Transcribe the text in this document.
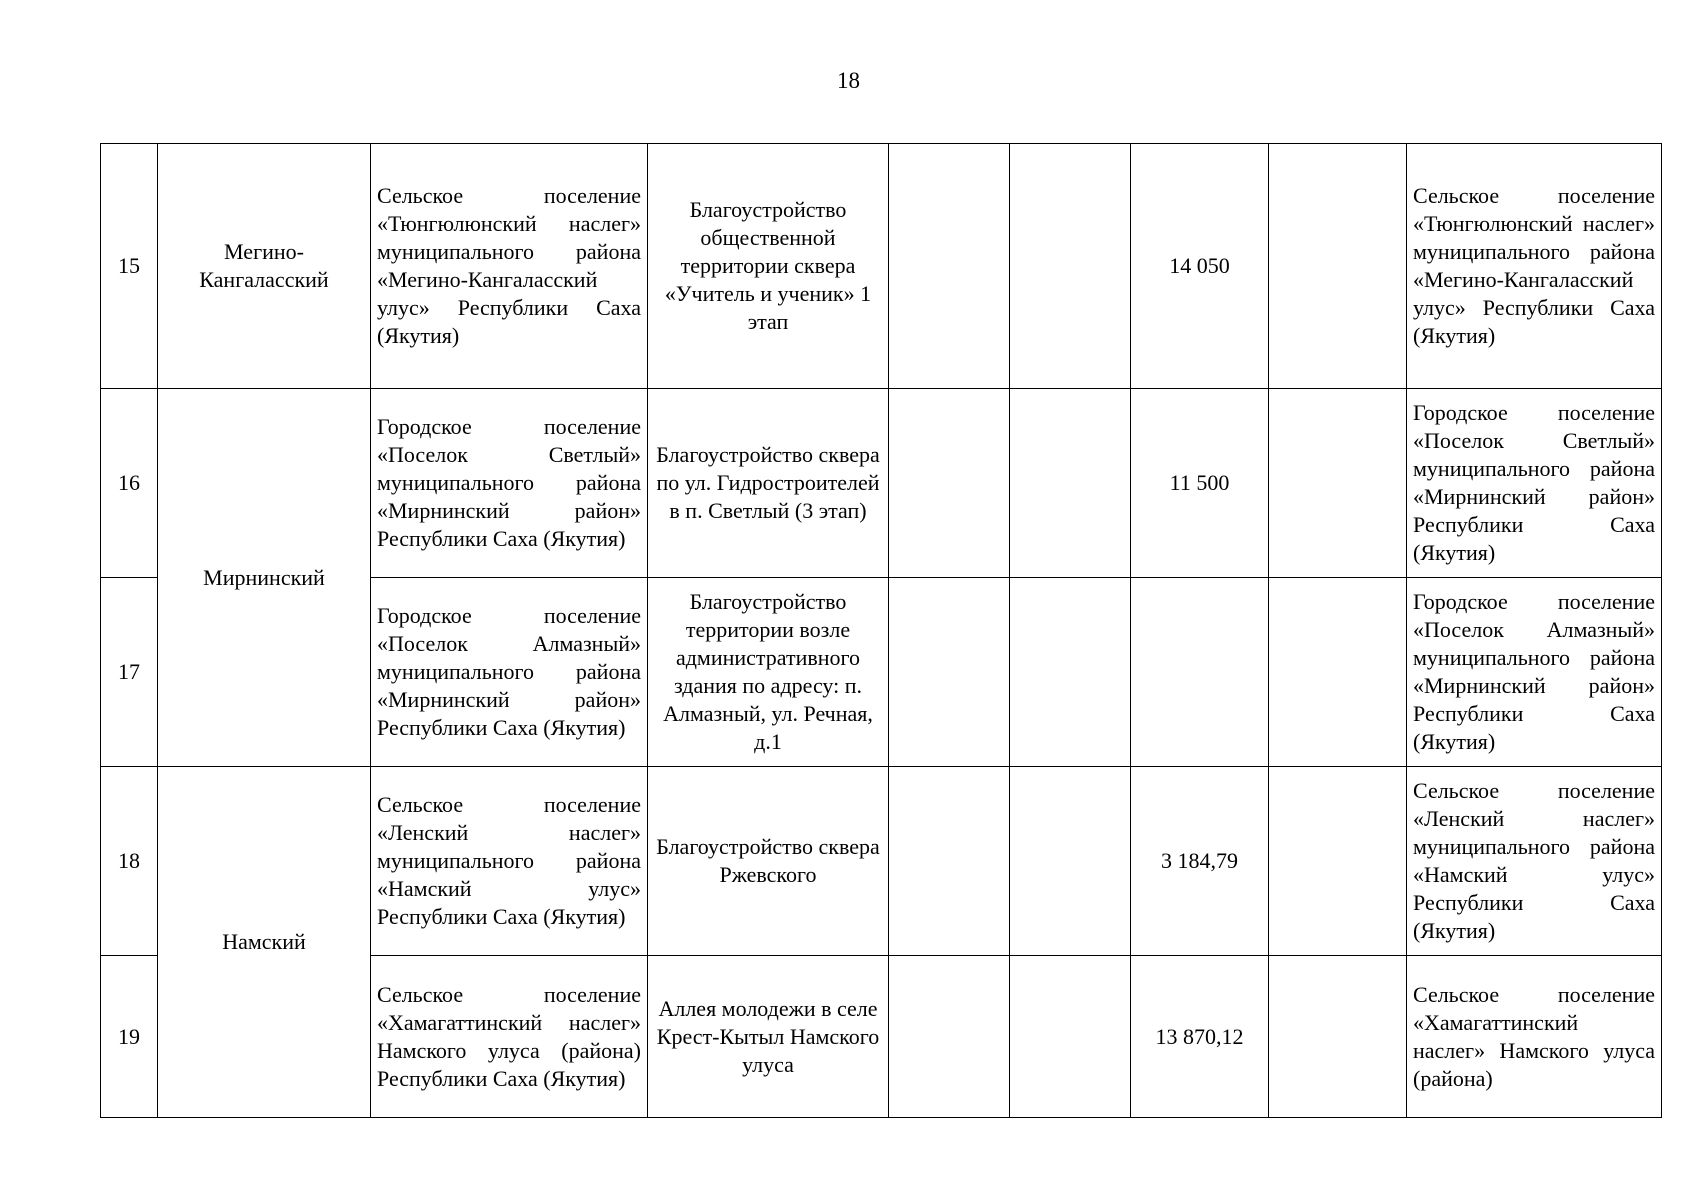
18
15	Мегино-Кангаласский	Сельское поселение «Тюнгюлюнский наслег» муниципального района «Мегино-Кангаласский улус» Республики Саха (Якутия)	Благоустройство общественной территории сквера «Учитель и ученик» 1 этап			14 050		Сельское поселение «Тюнгюлюнский наслег» муниципального района «Мегино-Кангаласский улус» Республики Саха (Якутия)
16	Мирнинский	Городское поселение «Поселок Светлый» муниципального района «Мирнинский район» Республики Саха (Якутия)	Благоустройство сквера по ул. Гидростроителей в п. Светлый (3 этап)			11 500		Городское поселение «Поселок Светлый» муниципального района «Мирнинский район» Республики Саха (Якутия)
17		Городское поселение «Поселок Алмазный» муниципального района «Мирнинский район» Республики Саха (Якутия)	Благоустройство территории возле административного здания по адресу: п. Алмазный, ул. Речная, д.1					Городское поселение «Поселок Алмазный» муниципального района «Мирнинский район» Республики Саха (Якутия)
18	Намский	Сельское поселение «Ленский наслег» муниципального района «Намский улус» Республики Саха (Якутия)	Благоустройство сквера Ржевского			3 184,79		Сельское поселение «Ленский наслег» муниципального района «Намский улус» Республики Саха (Якутия)
19		Сельское поселение «Хамагаттинский наслег» Намского улуса (района) Республики Саха (Якутия)	Аллея молодежи в селе Крест-Кытыл Намского улуса			13 870,12		Сельское поселение «Хамагаттинский наслег» Намского улуса (района)
